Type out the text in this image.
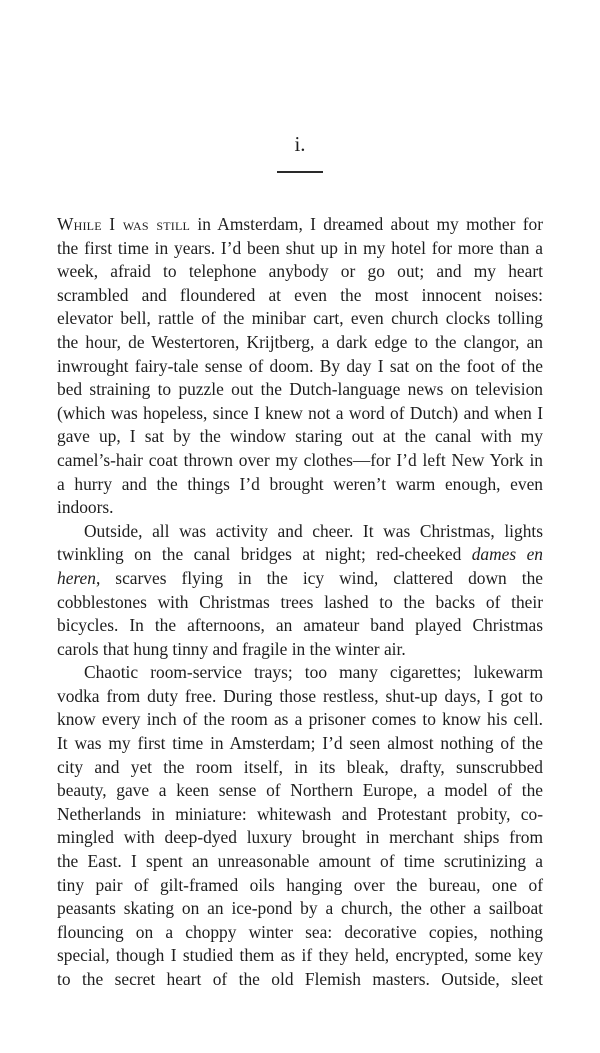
i.

While I was still in Amsterdam, I dreamed about my mother for
the first time in years. I’d been shut up in my hotel for more than a
week, afraid to telephone anybody or go out; and my heart
scrambled and floundered at even the most innocent noises:
elevator bell, rattle of the minibar cart, even church clocks tolling
the hour, de Westertoren, Krijtberg, a dark edge to the clangor, an
inwrought fairy-tale sense of doom. By day I sat on the foot of the
bed straining to puzzle out the Dutch-language news on television
(which was hopeless, since I knew not a word of Dutch) and when I
gave up, I sat by the window staring out at the canal with my
camel’s-hair coat thrown over my clothes—for I’d left New York in
a hurry and the things I’d brought weren’t warm enough, even
indoors.

Outside, all was activity and cheer. It was Christmas, lights
twinkling on the canal bridges at night; red-cheeked dames en
heren, scarves flying in the icy wind, clattered down the
cobblestones with Christmas trees lashed to the backs of their
bicycles. In the afternoons, an amateur band played Christmas
carols that hung tinny and fragile in the winter air.

Chaotic room-service trays; too many cigarettes; lukewarm
vodka from duty free. During those restless, shut-up days, I got to
know every inch of the room as a prisoner comes to know his cell.
It was my first time in Amsterdam; I’d seen almost nothing of the
city and yet the room itself, in its bleak, drafty, sunscrubbed
beauty, gave a keen sense of Northern Europe, a model of the
Netherlands in miniature: whitewash and Protestant probity, co-
mingled with deep-dyed luxury brought in merchant ships from
the East. I spent an unreasonable amount of time scrutinizing a
tiny pair of gilt-framed oils hanging over the bureau, one of
peasants skating on an ice-pond by a church, the other a sailboat
flouncing on a choppy winter sea: decorative copies, nothing
special, though I studied them as if they held, encrypted, some key
to the secret heart of the old Flemish masters. Outside, sleet
